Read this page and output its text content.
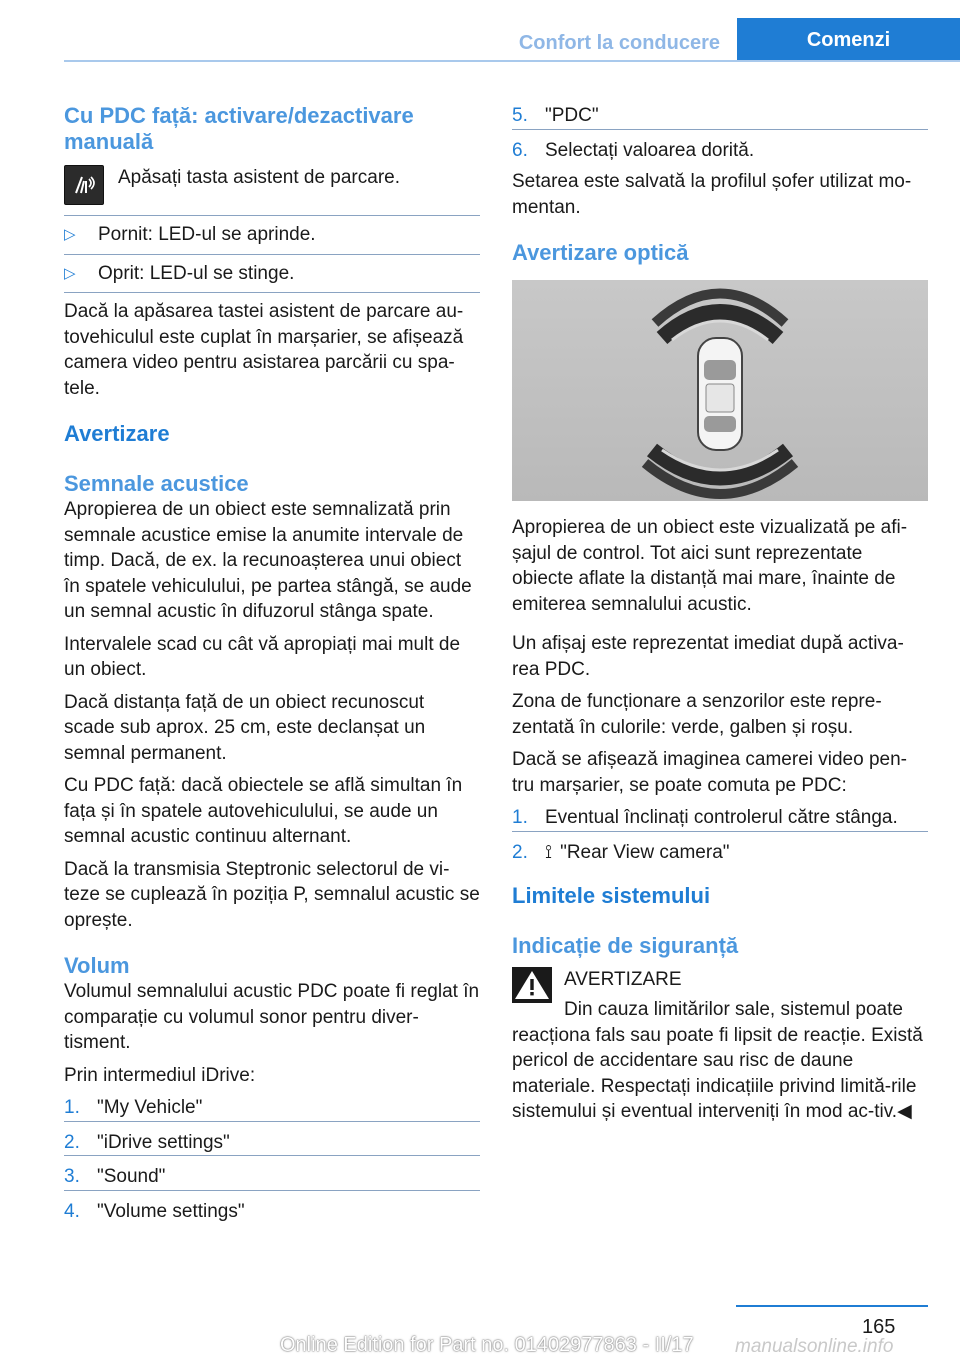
Confort la conducere	Comenzi
Cu PDC față: activare/dezactivare manuală
Apăsați tasta asistent de parcare.
▷	Pornit: LED-ul se aprinde.
▷	Oprit: LED-ul se stinge.

Dacă la apăsarea tastei asistent de parcare au-tovehiculul este cuplat în marșarier, se afișează camera video pentru asistarea parcării cu spa-tele.

Avertizare
Semnale acustice

Apropierea de un obiect este semnalizată prin semnale acustice emise la anumite intervale de timp. Dacă, de ex. la recunoașterea unui obiect în spatele vehiculului, pe partea stângă, se aude un semnal acustic în difuzorul stânga spate.

Intervalele scad cu cât vă apropiați mai mult de un obiect.

Dacă distanța față de un obiect recunoscut scade sub aprox. 25 cm, este declanșat un semnal permanent.

Cu PDC față: dacă obiectele se află simultan în fața și în spatele autovehiculului, se aude un semnal acustic continuu alternant.

Dacă la transmisia Steptronic selectorul de vi-teze se cuplează în poziția P, semnalul acustic se oprește.

Volum

Volumul semnalului acustic PDC poate fi reglat în comparație cu volumul sonor pentru diver-tisment.

Prin intermediul iDrive:

1. "My Vehicle"
2. "iDrive settings"
3. "Sound"
4. "Volume settings"
5. "PDC"
6. Selectați valoarea dorită.

Setarea este salvată la profilul șofer utilizat mo-mentan.

Avertizare optică

Apropierea de un obiect este vizualizată pe afi-șajul de control. Tot aici sunt reprezentate obiecte aflate la distanță mai mare, înainte de emiterea semnalului acustic.

Un afișaj este reprezentat imediat după activa-rea PDC.

Zona de funcționare a senzorilor este repre-zentată în culorile: verde, galben și roșu.

Dacă se afișează imaginea camerei video pen-tru marșarier, se poate comuta pe PDC:

1. Eventual înclinați controlerul către stânga.
2. ⟟ "Rear View camera"
Limitele sistemului
Indicație de siguranță
AVERTIZARE

Din cauza limitărilor sale, sistemul poate reacționa fals sau poate fi lipsit de reacție. Există pericol de accidentare sau risc de daune materiale. Respectați indicațiile privind limită-rile sistemului și eventual interveniți în mod ac-tiv.◀

165
Online Edition for Part no. 01402977863 - II/17 manualsonline.info
